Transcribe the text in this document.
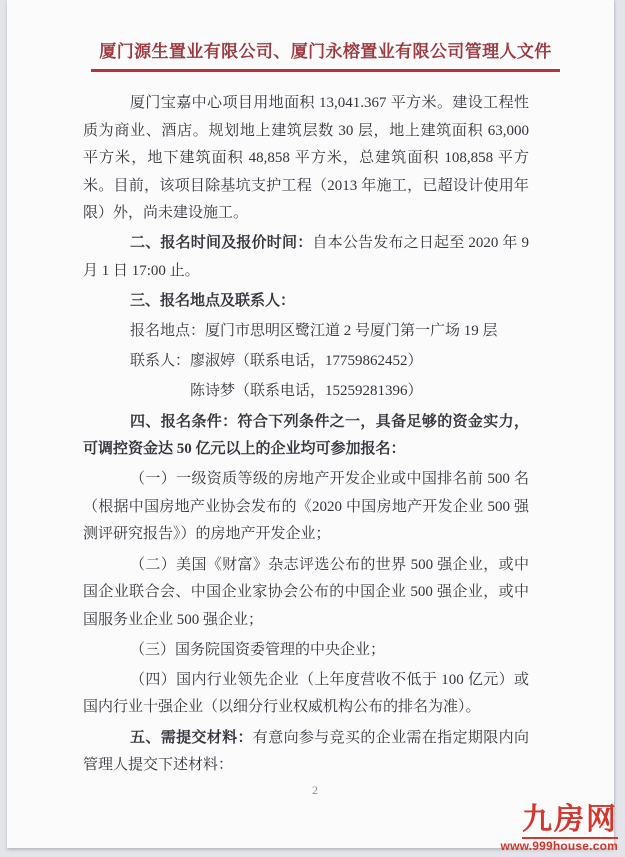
厦门源生置业有限公司、厦门永榕置业有限公司管理人文件

厦门宝嘉中心项目用地面积 13,041.367 平方米。建设工程性质为商业、酒店。规划地上建筑层数 30 层，地上建筑面积 63,000 平方米，地下建筑面积 48,858 平方米，总建筑面积 108,858 平方米。目前，该项目除基坑支护工程（2013 年施工，已超设计使用年限）外，尚未建设施工。

二、报名时间及报价时间：自本公告发布之日起至 2020 年 9 月 1 日 17:00 止。

三、报名地点及联系人：

报名地点：厦门市思明区鹭江道 2 号厦门第一广场 19 层

联系人：廖淑婷（联系电话，17759862452）

陈诗梦（联系电话，15259281396）

四、报名条件：符合下列条件之一，具备足够的资金实力，可调控资金达 50 亿元以上的企业均可参加报名：

（一）一级资质等级的房地产开发企业或中国排名前 500 名（根据中国房地产业协会发布的《2020 中国房地产开发企业 500 强测评研究报告》）的房地产开发企业；

（二）美国《财富》杂志评选公布的世界 500 强企业，或中国企业联合会、中国企业家协会公布的中国企业 500 强企业，或中国服务业企业 500 强企业；

（三）国务院国资委管理的中央企业；

（四）国内行业领先企业（上年度营收不低于 100 亿元）或国内行业十强企业（以细分行业权威机构公布的排名为准）。

五、需提交材料：有意向参与竞买的企业需在指定期限内向管理人提交下述材料：

2
九房网
www.999house.com
